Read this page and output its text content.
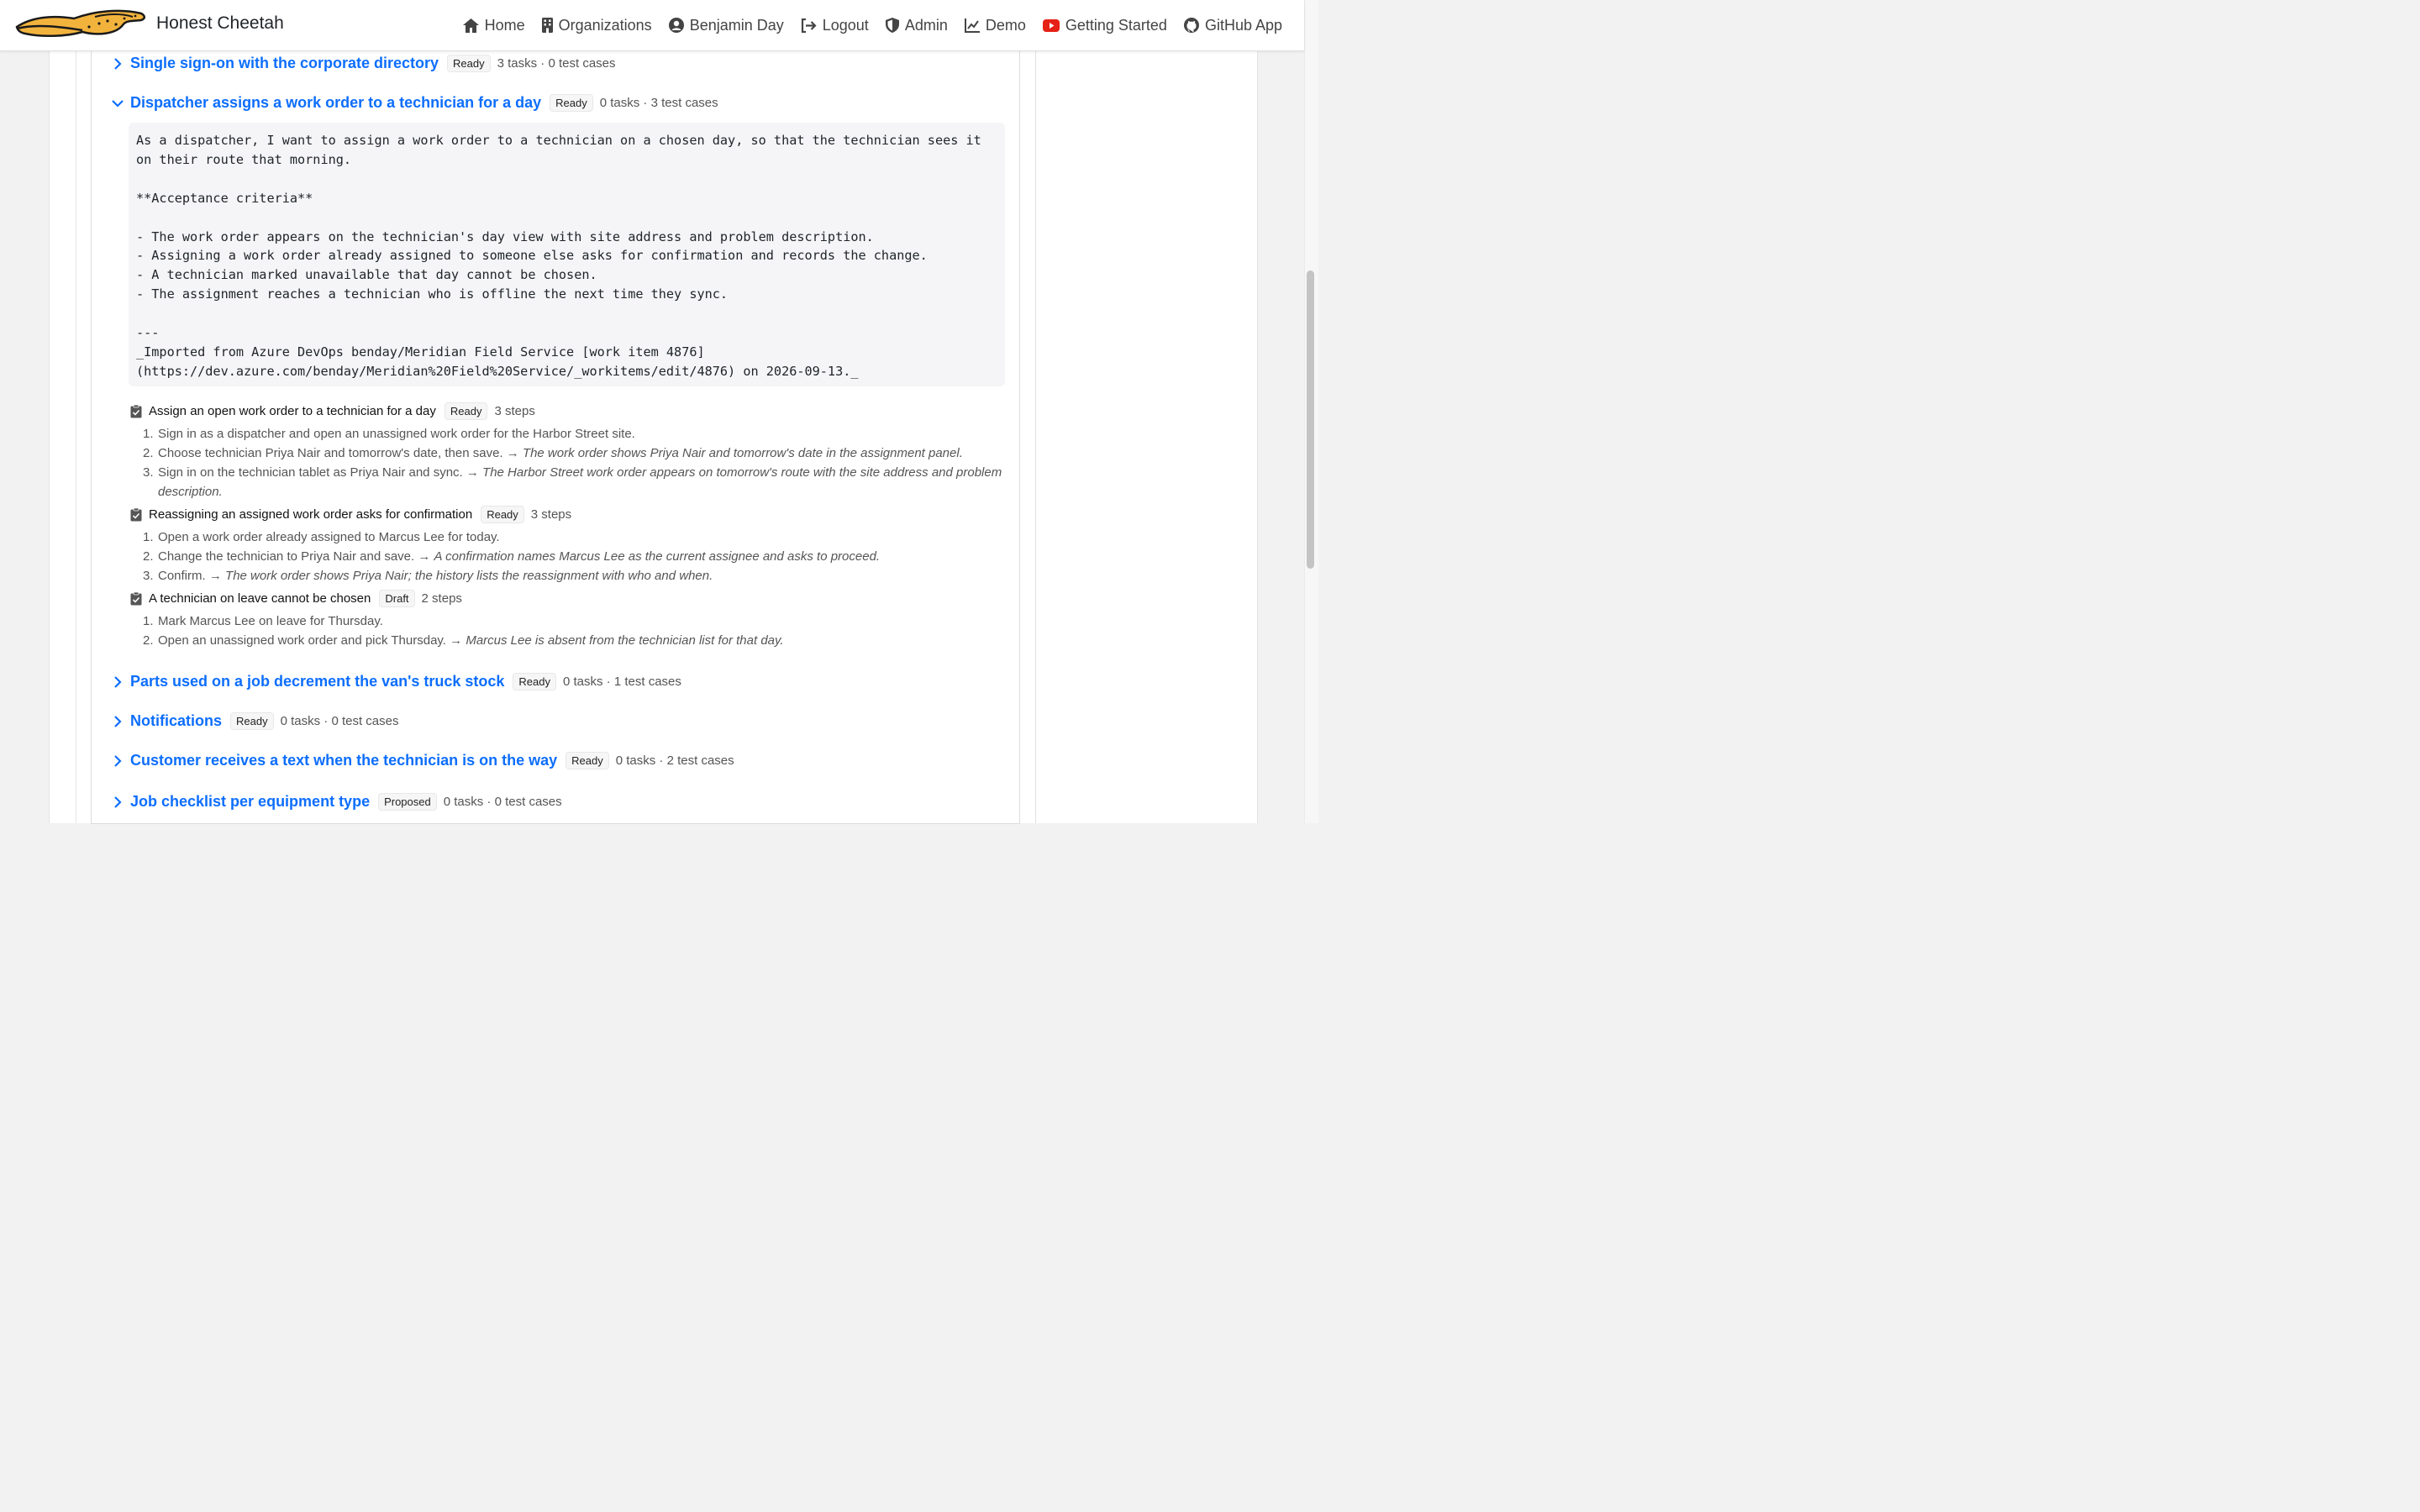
Honest Cheetah	Home Organizations	Benjamin Day	Logout Admin	Demo	Getting Started	GitHub App
Single sign-on with the corporate directory	Ready	3 tasks · 0 test cases
Dispatcher assigns a work order to a technician for a day	Ready	0 tasks · 3 test cases
Parts used on a job decrement the van's truck stock	Ready	0 tasks · 1 test cases
Notifications	Ready	0 tasks · 0 test cases
Customer receives a text when the technician is on the way	Ready	0 tasks · 2 test cases
Job checklist per equipment type	Proposed	0 tasks · 0 test cases
As a dispatcher, I want to assign a work order to a technician on a chosen day, so that the technician sees it
on their route that morning.

**Acceptance criteria**

- The work order appears on the technician's day view with site address and problem description.
- Assigning a work order already assigned to someone else asks for confirmation and records the change.
- A technician marked unavailable that day cannot be chosen.
- The assignment reaches a technician who is offline the next time they sync.

---
_Imported from Azure DevOps benday/Meridian Field Service [work item 4876]
(https://dev.azure.com/benday/Meridian%20Field%20Service/_workitems/edit/4876) on 2026-09-13._
Assign an open work order to a technician for a day	Ready	3 steps
1. Sign in as a dispatcher and open an unassigned work order for the Harbor Street site.
2. Choose technician Priya Nair and tomorrow's date, then save. → The work order shows Priya Nair and tomorrow's date in the assignment panel.
3. Sign in on the technician tablet as Priya Nair and sync. → The Harbor Street work order appears on tomorrow's route with the site address and problem description.
Reassigning an assigned work order asks for confirmation	Ready	3 steps
1. Open a work order already assigned to Marcus Lee for today.
2. Change the technician to Priya Nair and save. → A confirmation names Marcus Lee as the current assignee and asks to proceed.
3. Confirm. → The work order shows Priya Nair; the history lists the reassignment with who and when.
A technician on leave cannot be chosen	Draft	2 steps
1. Mark Marcus Lee on leave for Thursday.
2. Open an unassigned work order and pick Thursday. → Marcus Lee is absent from the technician list for that day.
